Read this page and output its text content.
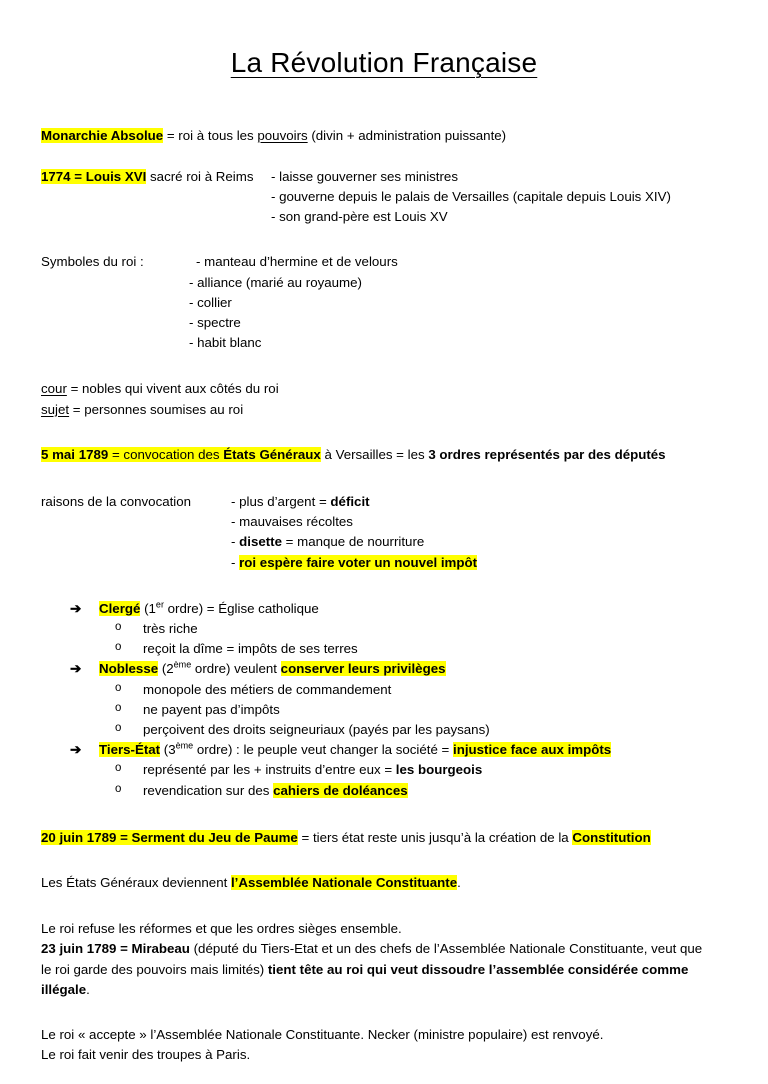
La Révolution Française
Monarchie Absolue = roi à tous les pouvoirs (divin + administration puissante)
1774 = Louis XVI sacré roi à Reims	- laisse gouverner ses ministres
- gouverne depuis le palais de Versailles (capitale depuis Louis XIV)
- son grand-père est Louis XV
Symboles du roi :	- manteau d’hermine et de velours
- alliance (marié au royaume)
- collier
- spectre
- habit blanc
cour = nobles qui vivent aux côtés du roi
sujet = personnes soumises au roi
5 mai 1789 = convocation des États Généraux à Versailles = les 3 ordres représentés par des députés
raisons de la convocation	- plus d’argent = déficit
- mauvaises récoltes
- disette = manque de nourriture
- roi espère faire voter un nouvel impôt
➔ Clergé (1er ordre) = Église catholique
o très riche
o reçoit la dîme = impôts de ses terres
➔ Noblesse (2ème ordre) veulent conserver leurs privilèges
o monopole des métiers de commandement
o ne payent pas d’impôts
o perçoivent des droits seigneuriaux (payés par les paysans)
➔ Tiers-État (3ème ordre) : le peuple veut changer la société = injustice face aux impôts
o représenté par les + instruits d’entre eux = les bourgeois
o revendication sur des cahiers de doléances
20 juin 1789 = Serment du Jeu de Paume = tiers état reste unis jusqu’à la création de la Constitution
Les États Généraux deviennent l’Assemblée Nationale Constituante.
Le roi refuse les réformes et que les ordres sièges ensemble.
23 juin 1789 = Mirabeau (député du Tiers-Etat et un des chefs de l’Assemblée Nationale Constituante, veut que le roi garde des pouvoirs mais limités) tient tête au roi qui veut dissoudre l’assemblée considérée comme illégale.
Le roi « accepte » l’Assemblée Nationale Constituante. Necker (ministre populaire) est renvoyé.
Le roi fait venir des troupes à Paris.
